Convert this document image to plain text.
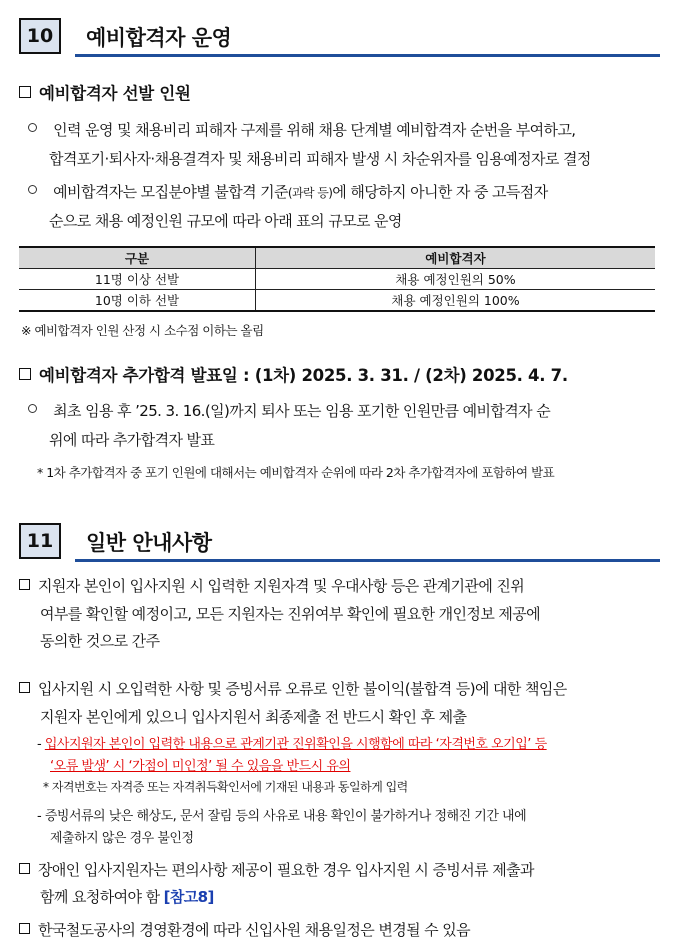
10 예비합격자 운영
예비합격자 선발 인원
인력 운영 및 채용비리 피해자 구제를 위해 채용 단계별 예비합격자 순번을 부여하고,
합격포기·퇴사자·채용결격자 및 채용비리 피해자 발생 시 차순위자를 임용예정자로 결정
예비합격자는 모집분야별 불합격 기준(과락 등)에 해당하지 아니한 자 중 고득점자
순으로 채용 예정인원 규모에 따라 아래 표의 규모로 운영
구분	예비합격자
11명 이상 선발	채용 예정인원의 50%
10명 이하 선발	채용 예정인원의 100%
※ 예비합격자 인원 산정 시 소수점 이하는 올림
예비합격자 추가합격 발표일 : (1차) 2025. 3. 31. / (2차) 2025. 4. 7.
최초 임용 후 ’25. 3. 16.(일)까지 퇴사 또는 임용 포기한 인원만큼 예비합격자 순
위에 따라 추가합격자 발표
* 1차 추가합격자 중 포기 인원에 대해서는 예비합격자 순위에 따라 2차 추가합격자에 포함하여 발표
11 일반 안내사항
지원자 본인이 입사지원 시 입력한 지원자격 및 우대사항 등은 관계기관에 진위
여부를 확인할 예정이고, 모든 지원자는 진위여부 확인에 필요한 개인정보 제공에
동의한 것으로 간주
입사지원 시 오입력한 사항 및 증빙서류 오류로 인한 불이익(불합격 등)에 대한 책임은
지원자 본인에게 있으니 입사지원서 최종제출 전 반드시 확인 후 제출
- 입사지원자 본인이 입력한 내용으로 관계기관 진위확인을 시행함에 따라 ‘자격번호 오기입’ 등
‘오류 발생’ 시 ‘가점이 미인정’ 될 수 있음을 반드시 유의
* 자격번호는 자격증 또는 자격취득확인서에 기재된 내용과 동일하게 입력
- 증빙서류의 낮은 해상도, 문서 잘림 등의 사유로 내용 확인이 불가하거나 정해진 기간 내에
제출하지 않은 경우 불인정
장애인 입사지원자는 편의사항 제공이 필요한 경우 입사지원 시 증빙서류 제출과
함께 요청하여야 함 [참고8]
한국철도공사의 경영환경에 따라 신입사원 채용일정은 변경될 수 있음
